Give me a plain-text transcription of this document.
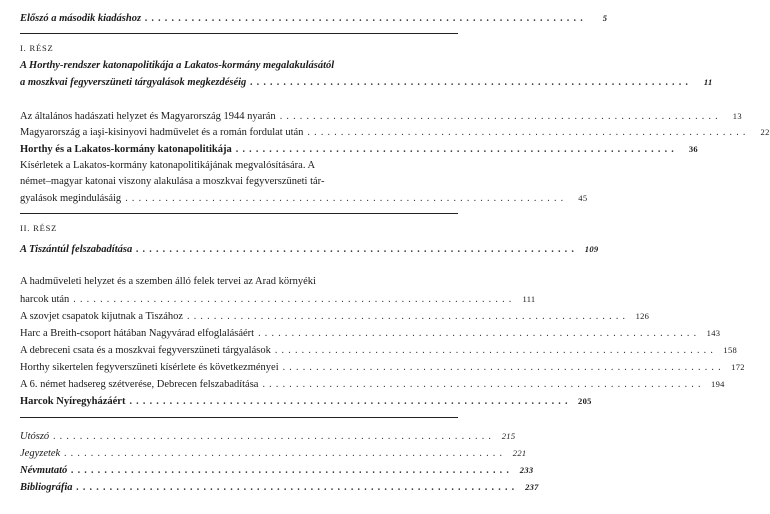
Előszó a második kiadáshoz ..................................................................	5
I. RÉSZ
A Horthy-rendszer katonapolitikája a Lakatos-kormány megalakulásától
a moszkvai fegyverszüneti tárgyalások megkezdéséig ..................................................................	11
Az általános hadászati helyzet és Magyarország 1944 nyarán ..................................................................	13
Magyarország a iaşi-kisinyovi hadművelet és a román fordulat után ..................................................................	22
Horthy és a Lakatos-kormány katonapolitikája ..................................................................	36
Kísérletek a Lakatos-kormány katonapolitikájának megvalósítására. A
német–magyar katonai viszony alakulása a moszkvai fegyverszüneti tár-
gyalások megindulásáig ..................................................................	45
II. RÉSZ
A Tiszántúl felszabadítása .................................................................. 109
A hadműveleti helyzet és a szemben álló felek tervei az Arad környéki
harcok után .................................................................. 111
A szovjet csapatok kijutnak a Tiszához .................................................................. 126
Harc a Breith-csoport hátában Nagyvárad elfoglalásáért .................................................................. 143
A debreceni csata és a moszkvai fegyverszüneti tárgyalások .................................................................. 158
Horthy sikertelen fegyverszüneti kísérlete és következményei .................................................................. 172
A 6. német hadsereg szétverése, Debrecen felszabadítása .................................................................. 194
Harcok Nyíregyházáért .................................................................. 205
Utószó .................................................................. 215
Jegyzetek .................................................................. 221
Névmutató .................................................................. 233
Bibliográfia .................................................................. 237
